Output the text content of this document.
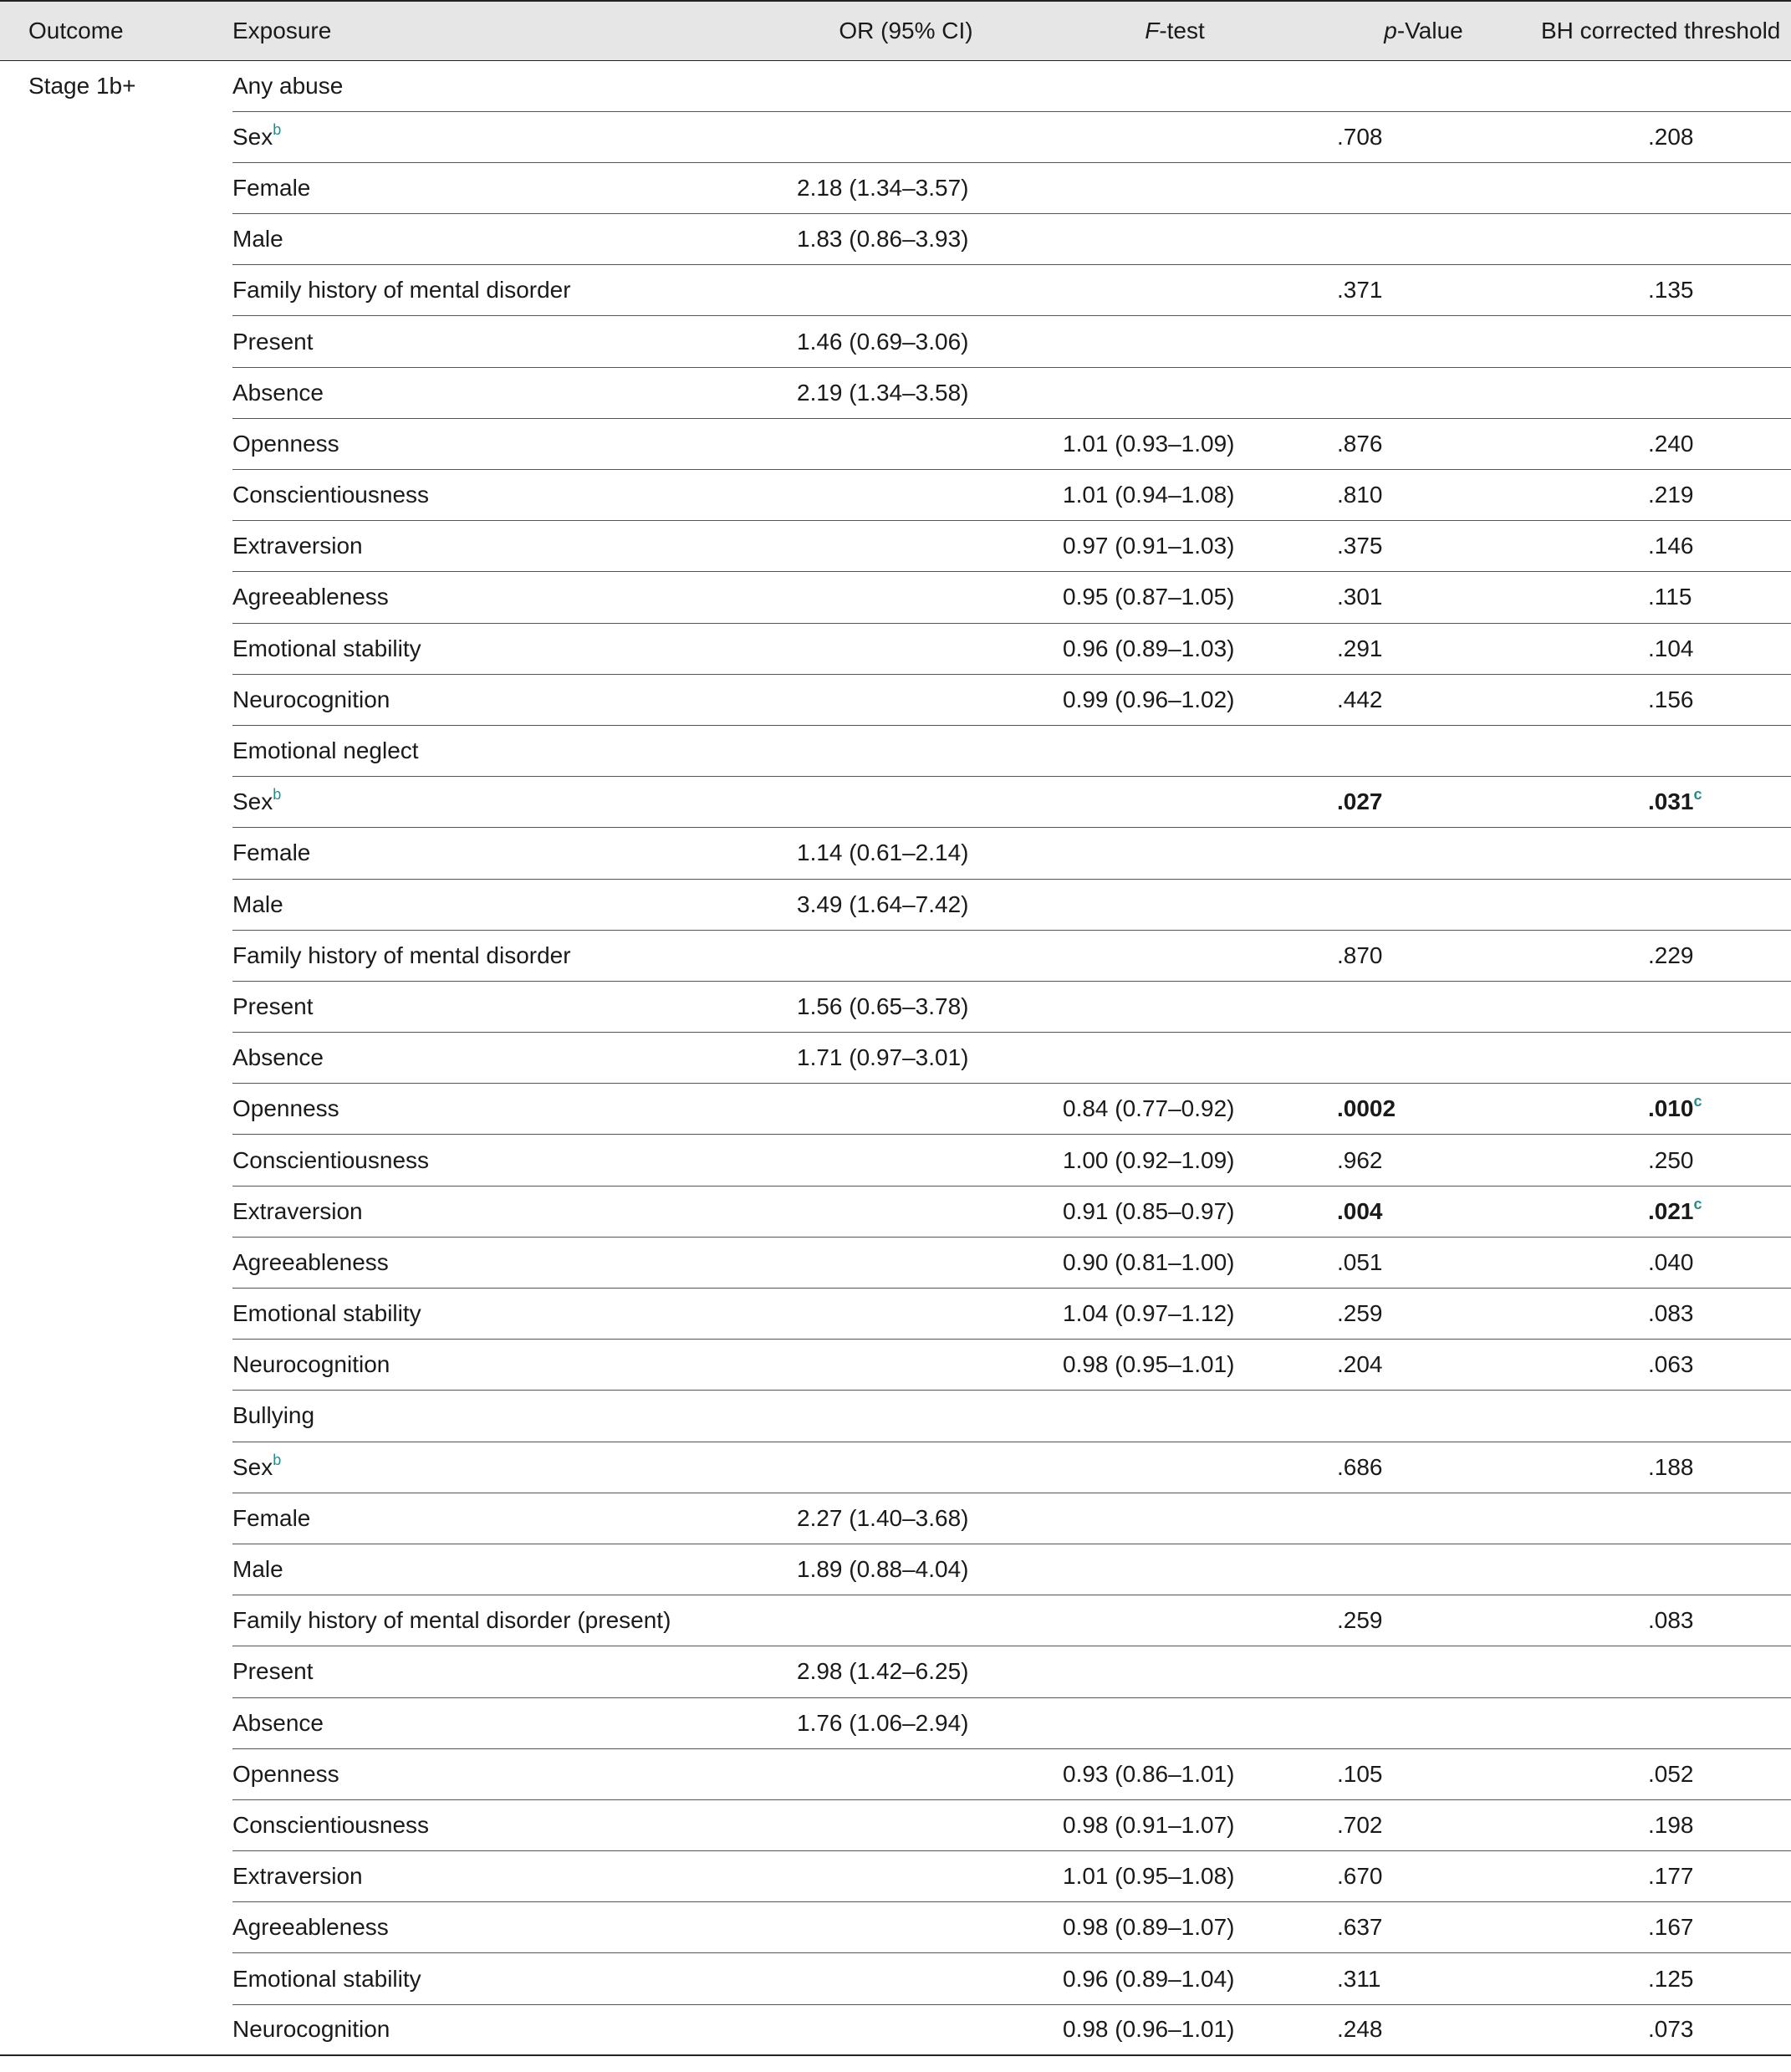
Outcome	Exposure	OR (95% CI)	F-test	p-Value	BH corrected threshold
Stage 1b+	Any abuse				
	Sex$^b$			.708	.208
	Female	2.18 (1.34–3.57)			
	Male	1.83 (0.86–3.93)			
	Family history of mental disorder			.371	.135
	Present	1.46 (0.69–3.06)			
	Absence	2.19 (1.34–3.58)			
	Openness		1.01 (0.93–1.09)	.876	.240
	Conscientiousness		1.01 (0.94–1.08)	.810	.219
	Extraversion		0.97 (0.91–1.03)	.375	.146
	Agreeableness		0.95 (0.87–1.05)	.301	.115
	Emotional stability		0.96 (0.89–1.03)	.291	.104
	Neurocognition		0.99 (0.96–1.02)	.442	.156
	Emotional neglect				
	Sex$^b$			.027	.031$^c$
	Female	1.14 (0.61–2.14)			
	Male	3.49 (1.64–7.42)			
	Family history of mental disorder			.870	.229
	Present	1.56 (0.65–3.78)			
	Absence	1.71 (0.97–3.01)			
	Openness		0.84 (0.77–0.92)	.0002	.010$^c$
	Conscientiousness		1.00 (0.92–1.09)	.962	.250
	Extraversion		0.91 (0.85–0.97)	.004	.021$^c$
	Agreeableness		0.90 (0.81–1.00)	.051	.040
	Emotional stability		1.04 (0.97–1.12)	.259	.083
	Neurocognition		0.98 (0.95–1.01)	.204	.063
	Bullying				
	Sex$^b$			.686	.188
	Female	2.27 (1.40–3.68)			
	Male	1.89 (0.88–4.04)			
	Family history of mental disorder (present)			.259	.083
	Present	2.98 (1.42–6.25)			
	Absence	1.76 (1.06–2.94)			
	Openness		0.93 (0.86–1.01)	.105	.052
	Conscientiousness		0.98 (0.91–1.07)	.702	.198
	Extraversion		1.01 (0.95–1.08)	.670	.177
	Agreeableness		0.98 (0.89–1.07)	.637	.167
	Emotional stability		0.96 (0.89–1.04)	.311	.125
	Neurocognition		0.98 (0.96–1.01)	.248	.073
